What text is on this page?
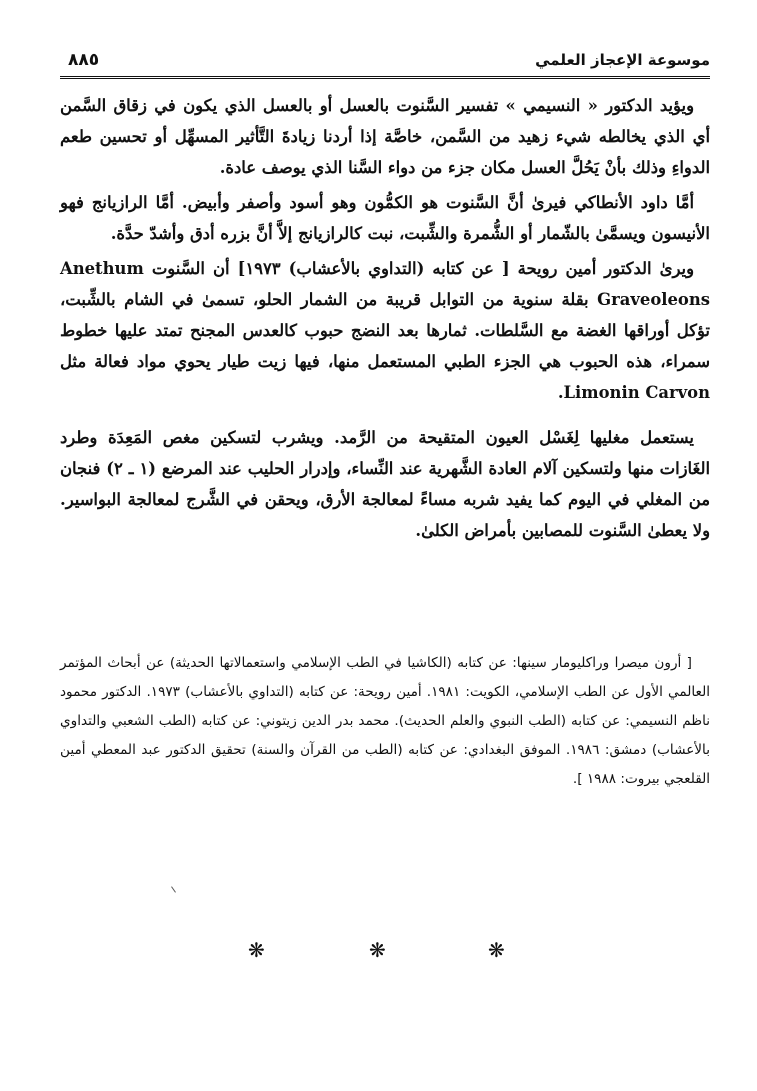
موسوعة الإعجاز العلمي
٨٨٥

ويؤيد الدكتور « النسيمي » تفسير السَّنوت بالعسل أو بالعسل الذي يكون في زقاق السَّمن أي الذي يخالطه شيء زهيد من السَّمن، خاصَّة إذا أردنا زيادةَ التَّأثير المسهِّل أو تحسين طعم الدواءِ وذلك بأنْ يَحُلَّ العسل مكان جزء من دواء السَّنا الذي يوصف عادة.

أمَّا داود الأنطاكي فيرىٰ أنَّ السَّنوت هو الكمُّون وهو أسود وأصفر وأبيض. أمَّا الرازيانج فهو الأنيسون ويسمَّىٰ بالشّمار أو الشُّمرة والشِّبت، نبت كالرازيانج إلاَّ أنَّ بزره أدق وأشدّ حدَّة.

ويرىٰ الدكتور أمين رويحة [ عن كتابه (التداوي بالأعشاب) ١٩٧٣] أن السَّنوت Anethum Graveoleons بقلة سنوية من التوابل قريبة من الشمار الحلو، تسمىٰ في الشام بالشِّبت، تؤكل أوراقها الغضة مع السَّلطات. ثمارها بعد النضج حبوب كالعدس المجنح تمتد عليها خطوط سمراء، هذه الحبوب هي الجزء الطبي المستعمل منها، فيها زيت طيار يحوي مواد فعالة مثل Limonin Carvon.

يستعمل مغليها لِغَسْل العيون المتقيحة من الرَّمد. ويشرب لتسكين مغص المَعِدَة وطرد الغَازات منها ولتسكين آلام العادة الشَّهرية عند النِّساء، وإدرار الحليب عند المرضع (١ ـ ٢) فنجان من المغلي في اليوم كما يفيد شربه مساءً لمعالجة الأرق، ويحقن في الشَّرج لمعالجة البواسير. ولا يعطىٰ السَّنوت للمصابين بأمراض الكلىٰ.

[ أرون ميصرا وراكليومار سينها: عن كتابه (الكاشيا في الطب الإسلامي واستعمالاتها الحديثة) عن أبحاث المؤتمر العالمي الأول عن الطب الإسلامي، الكويت: ١٩٨١. أمين رويحة: عن كتابه (التداوي بالأعشاب) ١٩٧٣. الدكتور محمود ناظم النسيمي: عن كتابه (الطب النبوي والعلم الحديث). محمد بدر الدين زيتوني: عن كتابه (الطب الشعبي والتداوي بالأعشاب) دمشق: ١٩٨٦. الموفق البغدادي: عن كتابه (الطب من القرآن والسنة) تحقيق الدكتور عبد المعطي أمين القلعجي بيروت: ١٩٨٨ ].

❋	❋	❋
